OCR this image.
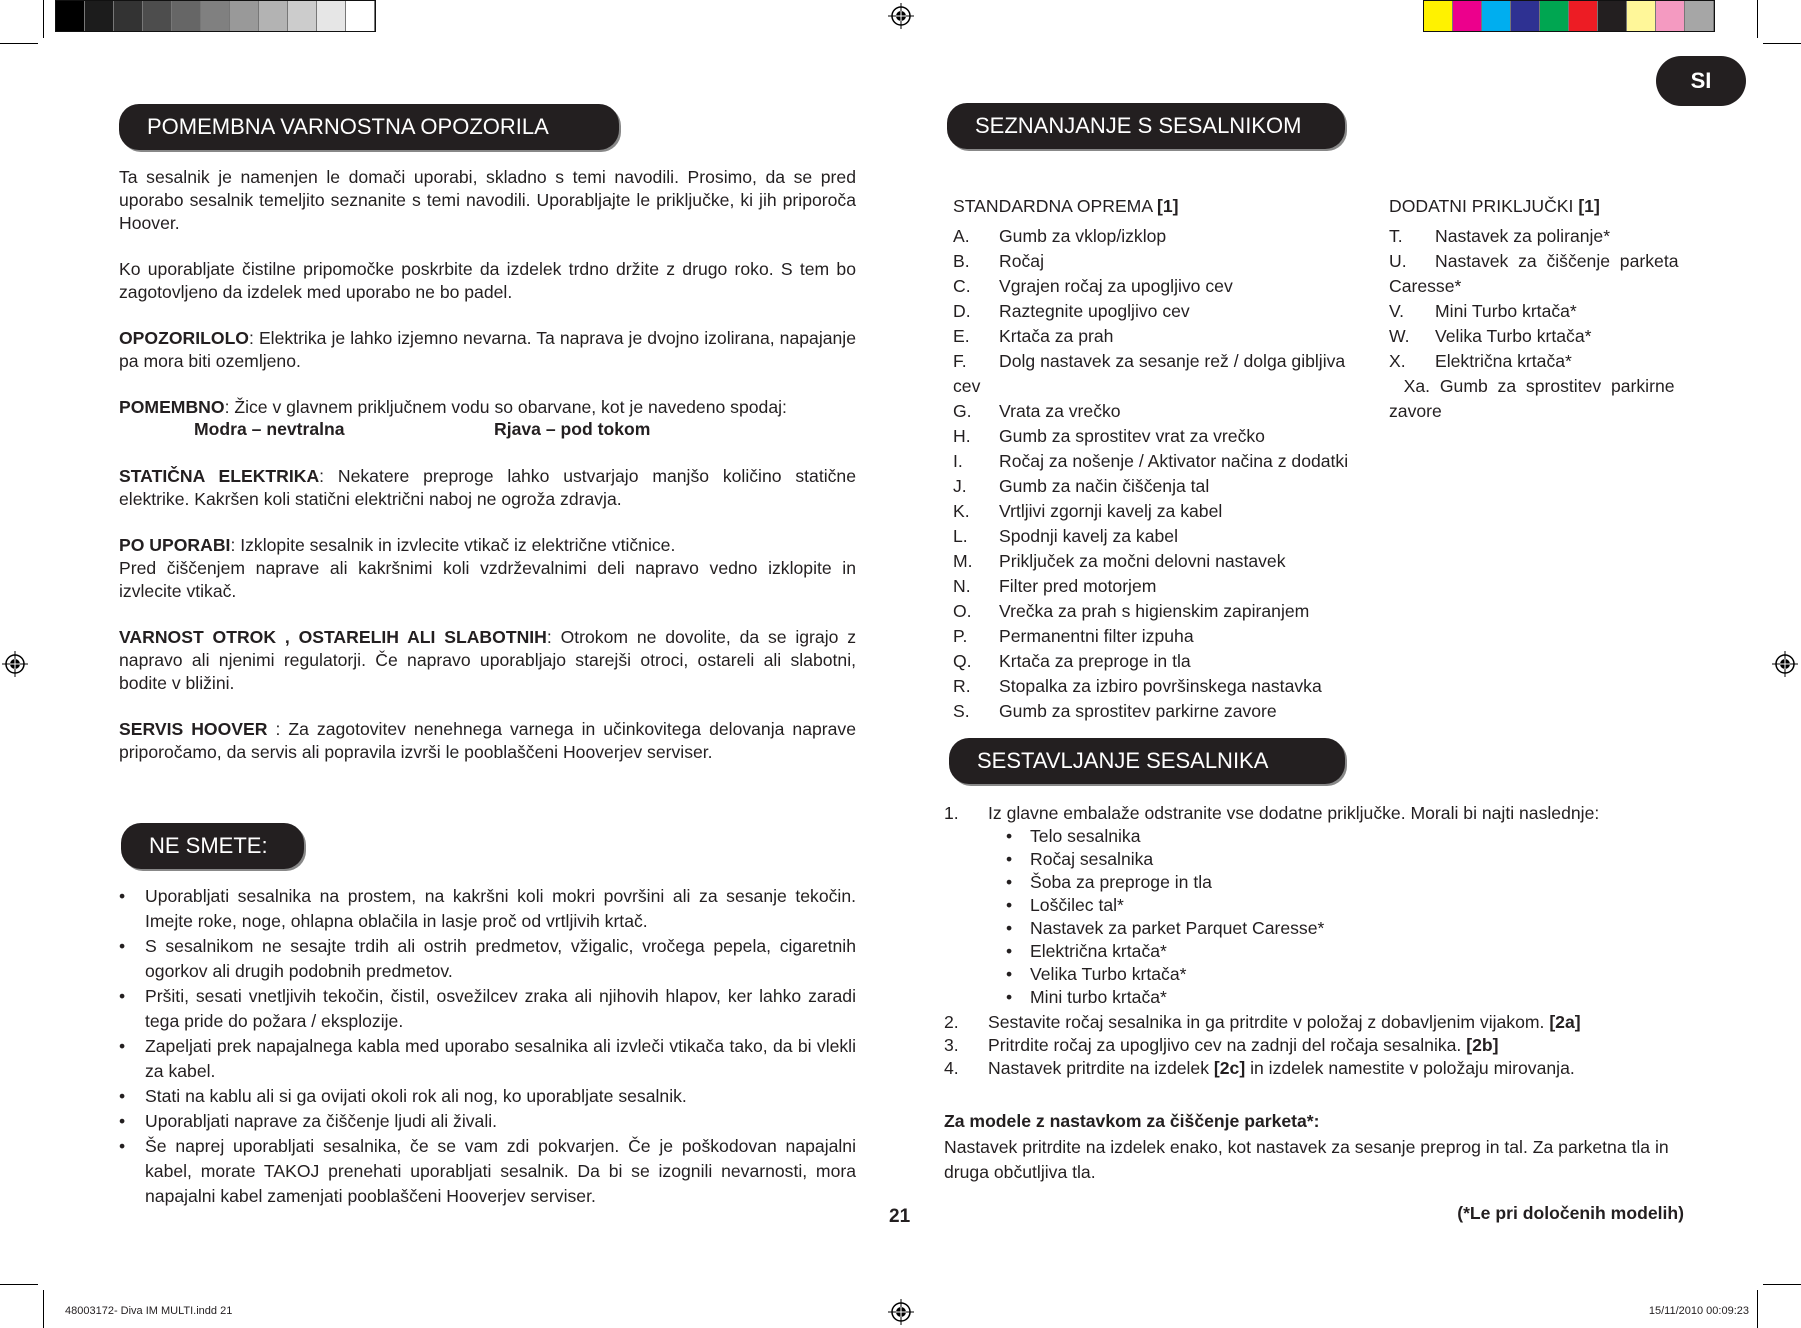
SI
POMEMBNA VARNOSTNA OPOZORILA
Ta sesalnik je namenjen le domači uporabi, skladno s temi navodili. Prosimo, da se pred uporabo sesalnik temeljito seznanite s temi navodili. Uporabljajte le priključke, ki jih priporoča Hoover.
Ko uporabljate čistilne pripomočke poskrbite da izdelek trdno držite z drugo roko. S tem bo zagotovljeno da izdelek med uporabo ne bo padel.
OPOZORILOLO: Elektrika je lahko izjemno nevarna. Ta naprava je dvojno izolirana, napajanje pa mora biti ozemljeno.
POMEMBNO: Žice v glavnem priključnem vodu so obarvane, kot je navedeno spodaj:
Modra – nevtralna	Rjava – pod tokom
STATIČNA ELEKTRIKA: Nekatere preproge lahko ustvarjajo manjšo količino statične elektrike. Kakršen koli statični električni naboj ne ogroža zdravja.
PO UPORABI: Izklopite sesalnik in izvlecite vtikač iz električne vtičnice.
Pred čiščenjem naprave ali kakršnimi koli vzdrževalnimi deli napravo vedno izklopite in izvlecite vtikač.
VARNOST OTROK , OSTARELIH ALI SLABOTNIH: Otrokom ne dovolite, da se igrajo z napravo ali njenimi regulatorji. Če napravo uporabljajo starejši otroci, ostareli ali slabotni, bodite v bližini.
SERVIS HOOVER : Za zagotovitev nenehnega varnega in učinkovitega delovanja naprave priporočamo, da servis ali popravila izvrši le pooblaščeni Hooverjev serviser.
NE SMETE:
• Uporabljati sesalnika na prostem, na kakršni koli mokri površini ali za sesanje tekočin. Imejte roke, noge, ohlapna oblačila in lasje proč od vrtljivih krtač.
• S sesalnikom ne sesajte trdih ali ostrih predmetov, vžigalic, vročega pepela, cigaretnih ogorkov ali drugih podobnih predmetov.
• Pršiti, sesati vnetljivih tekočin, čistil, osvežilcev zraka ali njihovih hlapov, ker lahko zaradi tega pride do požara / eksplozije.
• Zapeljati prek napajalnega kabla med uporabo sesalnika ali izvleči vtikača tako, da bi vlekli za kabel.
• Stati na kablu ali si ga ovijati okoli rok ali nog, ko uporabljate sesalnik.
• Uporabljati naprave za čiščenje ljudi ali živali.
• Še naprej uporabljati sesalnika, če se vam zdi pokvarjen. Če je poškodovan napajalni kabel, morate TAKOJ prenehati uporabljati sesalnik. Da bi se izognili nevarnosti, mora napajalni kabel zamenjati pooblaščeni Hooverjev serviser.
21
SEZNANJANJE S SESALNIKOM
STANDARDNA OPREMA [1]
A. Gumb za vklop/izklop
B. Ročaj
C. Vgrajen ročaj za upogljivo cev
D. Raztegnite upogljivo cev
E. Krtača za prah
F. Dolg nastavek za sesanje rež / dolga gibljiva
cev
G. Vrata za vrečko
H. Gumb za sprostitev vrat za vrečko
I. Ročaj za nošenje / Aktivator načina z dodatki
J. Gumb za način čiščenja tal
K. Vrtljivi zgornji kavelj za kabel
L. Spodnji kavelj za kabel
M. Priključek za močni delovni nastavek
N. Filter pred motorjem
O. Vrečka za prah s higienskim zapiranjem
P. Permanentni filter izpuha
Q. Krtača za preproge in tla
R. Stopalka za izbiro površinskega nastavka
S. Gumb za sprostitev parkirne zavore
DODATNI PRIKLJUČKI [1]
T. Nastavek za poliranje*
U. Nastavek  za  čiščenje  parketa
Caresse*
V. Mini Turbo krtača*
W. Velika Turbo krtača*
X. Električna krtača*
Xa.  Gumb  za  sprostitev  parkirne
zavore
SESTAVLJANJE SESALNIKA
1. Iz glavne embalaže odstranite vse dodatne priključke. Morali bi najti naslednje:
• Telo sesalnika
• Ročaj sesalnika
• Šoba za preproge in tla
• Loščilec tal*
• Nastavek za parket Parquet Caresse*
• Električna krtača*
• Velika Turbo krtača*
• Mini turbo krtača*
2. Sestavite ročaj sesalnika in ga pritrdite v položaj z dobavljenim vijakom. [2a]
3. Pritrdite ročaj za upogljivo cev na zadnji del ročaja sesalnika. [2b]
4. Nastavek pritrdite na izdelek [2c] in izdelek namestite v položaju mirovanja.
Za modele z nastavkom za čiščenje parketa*:
Nastavek pritrdite na izdelek enako, kot nastavek za sesanje preprog in tal. Za parketna tla in druga občutljiva tla.
(*Le pri določenih modelih)
48003172- Diva IM MULTI.indd 21	15/11/2010 00:09:23
